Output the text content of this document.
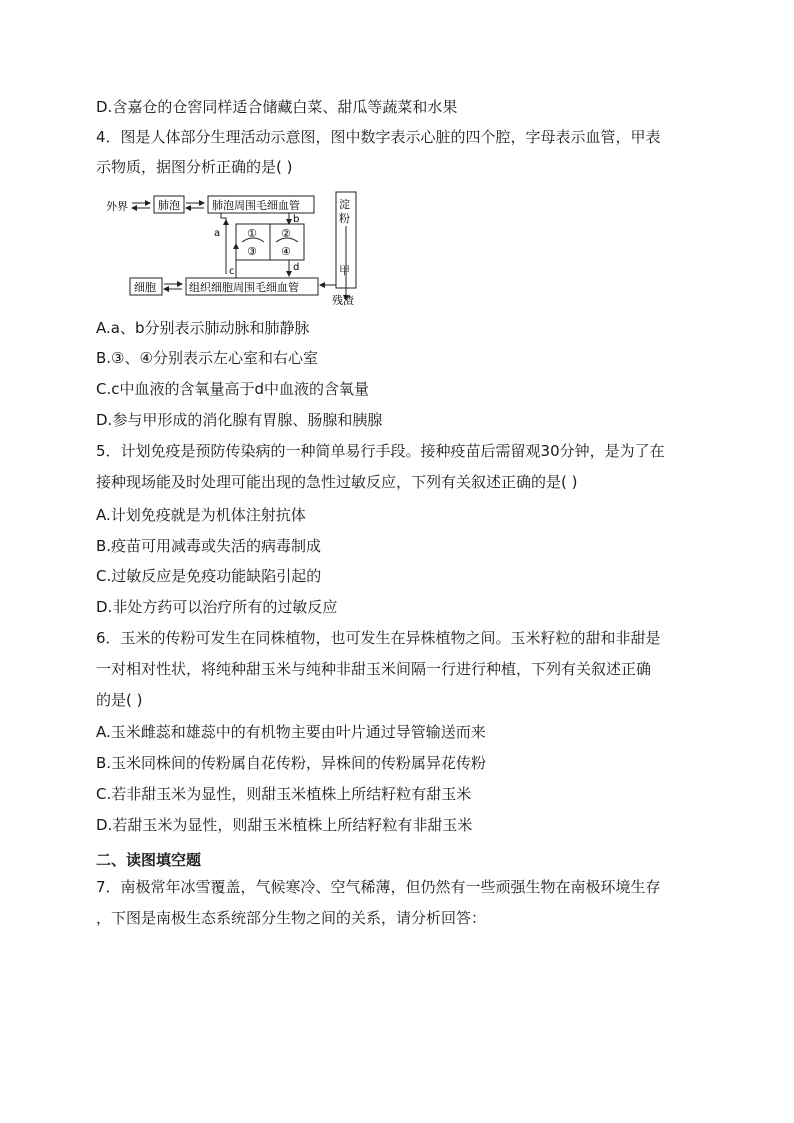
D.含嘉仓的仓窖同样适合储藏白菜、甜瓜等蔬菜和水果
4．图是人体部分生理活动示意图，图中数字表示心脏的四个腔，字母表示血管，甲表
示物质，据图分析正确的是( )
外界	肺泡	肺泡周围毛细血管
① ②
③ ④
b
a
c	d
细胞	组织细胞周围毛细血管
淀
粉
甲
残渣
A.a、b分别表示肺动脉和肺静脉
B.③、④分别表示左心室和右心室
C.c中血液的含氧量高于d中血液的含氧量
D.参与甲形成的消化腺有胃腺、肠腺和胰腺
5．计划免疫是预防传染病的一种简单易行手段。接种疫苗后需留观30分钟，是为了在
接种现场能及时处理可能出现的急性过敏反应，下列有关叙述正确的是( )
A.计划免疫就是为机体注射抗体
B.疫苗可用减毒或失活的病毒制成
C.过敏反应是免疫功能缺陷引起的
D.非处方药可以治疗所有的过敏反应
6．玉米的传粉可发生在同株植物，也可发生在异株植物之间。玉米籽粒的甜和非甜是
一对相对性状，将纯种甜玉米与纯种非甜玉米间隔一行进行种植，下列有关叙述正确
的是( )
A.玉米雌蕊和雄蕊中的有机物主要由叶片通过导管输送而来
B.玉米同株间的传粉属自花传粉，异株间的传粉属异花传粉
C.若非甜玉米为显性，则甜玉米植株上所结籽粒有甜玉米
D.若甜玉米为显性，则甜玉米植株上所结籽粒有非甜玉米
二、读图填空题
7．南极常年冰雪覆盖，气候寒冷、空气稀薄，但仍然有一些顽强生物在南极环境生存
，下图是南极生态系统部分生物之间的关系，请分析回答：
